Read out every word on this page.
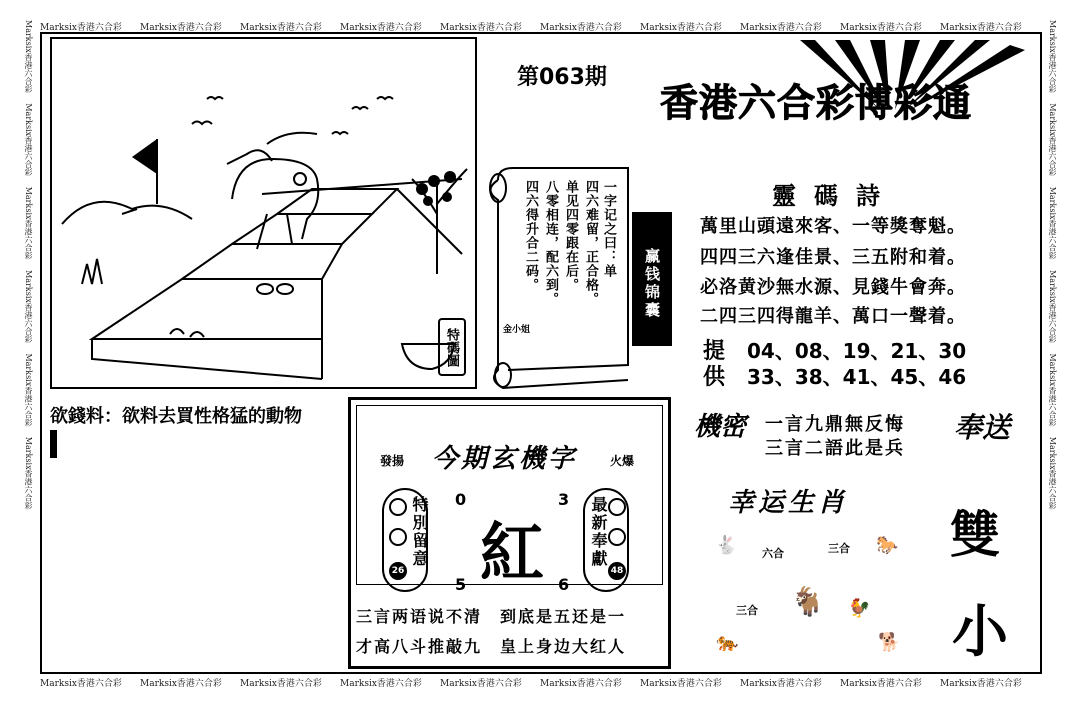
Marksix香港六合彩	Marksix香港六合彩	Marksix香港六合彩	Marksix香港六合彩	Marksix香港六合彩	Marksix香港六合彩	Marksix香港六合彩	Marksix香港六合彩	Marksix香港六合彩	Marksix香港六合彩
Marksix香港六合彩	Marksix香港六合彩	Marksix香港六合彩	Marksix香港六合彩	Marksix香港六合彩	Marksix香港六合彩	Marksix香港六合彩	Marksix香港六合彩	Marksix香港六合彩	Marksix香港六合彩
Marksix香港六合彩　 Marksix香港六合彩　 Marksix香港六合彩　 Marksix香港六合彩　 Marksix香港六合彩　 Marksix香港六合彩
Marksix香港六合彩　 Marksix香港六合彩　 Marksix香港六合彩　 Marksix香港六合彩　 Marksix香港六合彩　 Marksix香港六合彩
特碼圖
第063期
香港六合彩博彩通
靈碼詩
萬里山頭遠來客、一等獎奪魁。
四四三六逢佳景、三五附和着。
必洛黄沙無水源、見錢牛會奔。
二四三四得龍羊、萬口一聲着。
提 04、08、19、21、30
供 33、38、41、45、46
機密 一言九鼎無反悔
三言二語此是兵
奉送
幸运生肖
六合	三合
三合
🐇	🐎
🐐
🐅	🐕
🐓
雙
小
欲錢料：欲料去買性格猛的動物
一字记之曰：单
四六难留，正合格。
单见四零跟在后。
八零相连，配六到。
四六得升合二码。
金小姐
赢钱锦囊
發揚	火爆
今期玄機字
紅
0	3
5	6
26
特別留意
48
最新奉獻
三言两语说不清　到底是五还是一
才高八斗推敲九　皇上身边大红人
